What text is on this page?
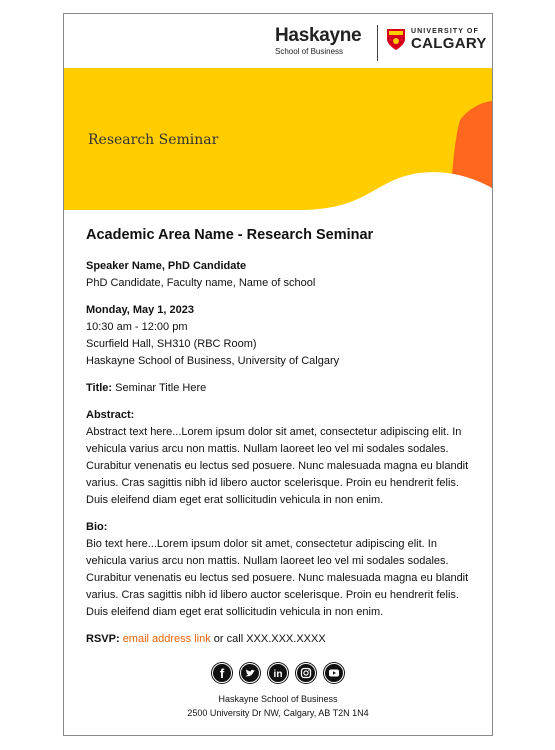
Haskayne
School of Business
UNIVERSITY OF
CALGARY
Research Seminar
Academic Area Name - Research Seminar
Speaker Name, PhD Candidate
PhD Candidate, Faculty name, Name of school
Monday, May 1, 2023
10:30 am - 12:00 pm
Scurfield Hall, SH310 (RBC Room)
Haskayne School of Business, University of Calgary
Title: Seminar Title Here
Abstract:
Abstract text here...Lorem ipsum dolor sit amet, consectetur adipiscing elit. In vehicula varius arcu non mattis. Nullam laoreet leo vel mi sodales sodales. Curabitur venenatis eu lectus sed posuere. Nunc malesuada magna eu blandit varius. Cras sagittis nibh id libero auctor scelerisque. Proin eu hendrerit felis. Duis eleifend diam eget erat sollicitudin vehicula in non enim.
Bio:
Bio text here...Lorem ipsum dolor sit amet, consectetur adipiscing elit. In vehicula varius arcu non mattis. Nullam laoreet leo vel mi sodales sodales. Curabitur venenatis eu lectus sed posuere. Nunc malesuada magna eu blandit varius. Cras sagittis nibh id libero auctor scelerisque. Proin eu hendrerit felis. Duis eleifend diam eget erat sollicitudin vehicula in non enim.
RSVP: email address link or call XXX.XXX.XXXX
f	in
Haskayne School of Business
2500 University Dr NW, Calgary, AB T2N 1N4
